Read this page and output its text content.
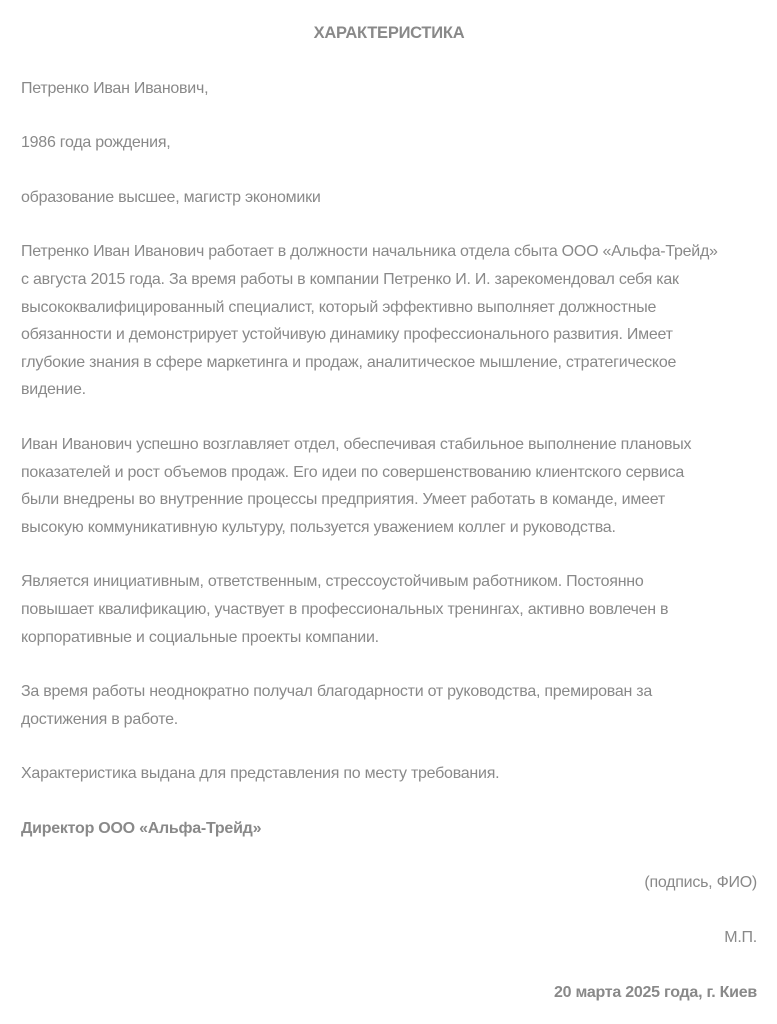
ХАРАКТЕРИСТИКА
Петренко Иван Иванович,
1986 года рождения,
образование высшее, магистр экономики
Петренко Иван Иванович работает в должности начальника отдела сбыта ООО «Альфа-Трейд»
с августа 2015 года. За время работы в компании Петренко И. И. зарекомендовал себя как
высококвалифицированный специалист, который эффективно выполняет должностные
обязанности и демонстрирует устойчивую динамику профессионального развития. Имеет
глубокие знания в сфере маркетинга и продаж, аналитическое мышление, стратегическое
видение.
Иван Иванович успешно возглавляет отдел, обеспечивая стабильное выполнение плановых
показателей и рост объемов продаж. Его идеи по совершенствованию клиентского сервиса
были внедрены во внутренние процессы предприятия. Умеет работать в команде, имеет
высокую коммуникативную культуру, пользуется уважением коллег и руководства.
Является инициативным, ответственным, стрессоустойчивым работником. Постоянно
повышает квалификацию, участвует в профессиональных тренингах, активно вовлечен в
корпоративные и социальные проекты компании.
За время работы неоднократно получал благодарности от руководства, премирован за
достижения в работе.
Характеристика выдана для представления по месту требования.
Директор ООО «Альфа-Трейд»
(подпись, ФИО)
М.П.
20 марта 2025 года, г. Киев
